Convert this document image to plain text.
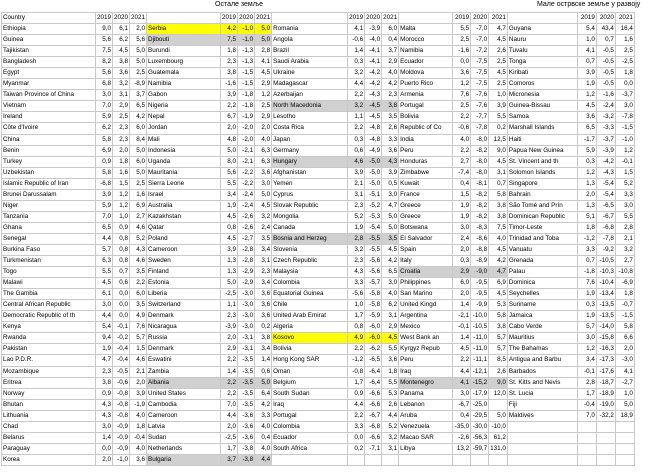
Остале земље	Мале острвске земље у развоју
Country	2019	2020	2021		2019	2020	2021		2019	2020	2021		2019	2020	2021		2019	2020	2021
Ethiopia	9,0	6,1	2,0	Serbia	4,2	-1,0	5,0	Romania	4,1	-3,9	6,0	Malta	5,5	-7,0	4,7	Guyana	5,4	43,4	16,4
Guinea	5,6	6,2	5,6	Djibouti	7,5	-1,0	5,0	Angola	-0,6	-4,0	0,4	Morocco	2,5	-7,0	4,5	Nauru	1,0	0,7	1,6
Tajikistan	7,5	4,5	5,0	Burundi	1,8	-1,3	2,8	Brazil	1,4	-4,1	3,7	Namibia	-1,6	-7,2	2,6	Tuvalu	4,1	-0,5	2,5
Bangladesh	8,2	3,8	5,0	Luxembourg	2,3	-1,3	4,1	Saudi Arabia	0,3	-4,1	2,9	Ecuador	0,0	-7,5	2,5	Tonga	0,7	-0,5	-2,5
Egypt	5,6	3,6	2,5	Guatemala	3,8	-1,5	4,5	Ukraine	3,2	-4,2	4,0	Moldova	3,6	-7,5	4,5	Kiribati	3,9	-0,5	1,8
Myanmar	6,8	3,2	-8,9	Namibia	-1,6	-1,5	2,9	Madagascar	4,4	-4,2	4,2	Puerto Rico	1,2	-7,5	2,5	Comoros	1,9	-0,5	0,0
Taiwan Province of China	3,0	3,1	3,7	Gabon	3,9	-1,8	1,2	Azerbaijan	2,2	-4,3	2,3	Armenia	7,6	-7,6	1,0	Micronesia	1,2	-1,6	-3,7
Vietnam	7,0	2,9	6,5	Nigeria	2,2	-1,8	2,5	North Macedonia	3,2	-4,5	3,8	Portugal	2,5	-7,6	3,9	Guinea-Bissau	4,5	-2,4	3,0
Ireland	5,9	2,5	4,2	Nepal	6,7	-1,9	2,9	Lesotho	1,1	-4,5	3,5	Bolivia	2,2	-7,7	5,5	Samoa	3,6	-3,2	-7,8
Côte d'Ivoire	6,2	2,3	6,0	Jordan	2,0	-2,0	2,0	Costa Rica	2,2	-4,8	2,6	Republic of Co	-0,6	-7,8	0,2	Marshall Islands	6,5	-3,3	-1,5
China	5,8	2,3	8,4	Mali	4,8	-2,0	4,0	Japan	0,3	-4,8	3,3	India	4,0	-8,0	12,5	Haiti	-1,7	-3,7	-1,0
Benin	6,9	2,0	5,0	Indonesia	5,0	-2,1	6,3	Germany	0,6	-4,9	3,6	Peru	2,2	-8,2	9,0	Papua New Guinea	5,9	-3,9	1,2
Turkey	0,9	1,8	6,0	Uganda	8,0	-2,1	6,3	Hungary	4,6	-5,0	4,3	Honduras	2,7	-8,0	4,5	St. Vincent and th	0,3	-4,2	-0,1
Uzbekistan	5,8	1,6	5,0	Mauritania	5,6	-2,2	3,6	Afghanistan	3,9	-5,0	3,9	Zimbabwe	-7,4	-8,0	3,1	Solomon Islands	1,2	-4,3	1,5
Islamic Republic of Iran	-6,8	1,5	2,5	Sierra Leone	5,5	-2,2	3,0	Yemen	2,1	-5,0	0,5	Kuwait	0,4	-8,1	0,7	Singapore	1,3	-5,4	5,2
Brunei Darussalam	3,9	1,2	1,6	Israel	3,4	-2,4	5,0	Cyprus	3,1	-5,1	3,0	France	1,5	-8,2	5,8	Bahrain	2,0	-5,4	3,3
Niger	5,9	1,2	6,9	Australia	1,9	-2,4	4,5	Slovak Republic	2,3	-5,2	4,7	Greece	1,9	-8,2	3,8	São Tomé and Prín	1,3	-6,5	3,0
Tanzania	7,0	1,0	2,7	Kazakhstan	4,5	-2,6	3,2	Mongolia	5,2	-5,3	5,0	Greece	1,9	-8,2	3,8	Dominican Republic	5,1	-6,7	5,5
Ghana	6,5	0,9	4,6	Qatar	0,8	-2,6	2,4	Canada	1,9	-5,4	5,0	Botswana	3,0	-8,3	7,5	Timor-Leste	1,8	-6,8	2,8
Senegal	4,4	0,8	5,2	Poland	4,5	-2,7	3,5	Bosnia and Herzeg	2,8	-5,5	3,5	El Salvador	2,4	-8,6	4,0	Trinidad and Toba	-1,2	-7,8	2,1
Burkina Faso	5,7	0,8	4,3	Cameroon	3,9	-2,8	3,4	Slovenia	3,2	-5,5	4,5	Spain	2,0	-8,8	4,5	Vanuatu	3,3	-9,2	3,2
Turkmenistan	6,3	0,8	4,6	Sweden	1,3	-2,8	3,1	Czech Republic	2,3	-5,6	4,2	Italy	0,3	-8,9	4,2	Grenada	0,7	-10,5	2,7
Togo	5,5	0,7	3,5	Finland	1,3	-2,9	2,3	Malaysia	4,3	-5,6	6,5	Croatia	2,9	-9,0	4,7	Palau	-1,8	-10,3	-10,8
Malawi	4,5	0,6	2,2	Estonia	5,0	-2,9	3,4	Colombia	3,3	-5,7	3,0	Philippines	6,0	-9,5	6,9	Dominica	7,6	-10,4	-6,9
The Gambia	6,1	0,0	6,0	Liberia	-2,5	-3,0	3,6	Equatorial Guinea	-5,6	-5,8	4,0	San Marino	2,0	-9,5	4,5	Seychelles	1,9	-13,4	1,8
Central African Republic	3,0	0,0	3,5	Switzerland	1,1	-3,0	3,6	Chile	1,0	-5,8	6,2	United Kingd	1,4	-9,9	5,3	Suriname	0,3	-13,5	-0,7
Democratic Republic of th	4,4	0,0	4,9	Denmark	2,3	-3,0	3,6	United Arab Emirat	1,7	-5,9	3,1	Argentina	-2,1	-10,0	5,8	Jamaica	1,9	-13,5	-1,5
Kenya	5,4	-0,1	7,6	Nicaragua	-3,9	-3,0	0,2	Algeria	0,8	-6,0	2,9	Mexico	-0,1	-10,5	3,8	Cabo Verde	5,7	-14,0	5,8
Rwanda	9,4	-0,2	5,7	Russia	2,0	-3,1	3,8	Kosovo	4,9	-6,0	4,5	West Bank an	1,4	-11,0	5,7	Mauritius	3,0	-15,8	6,6
Pakistan	1,9	-0,4	1,5	Denmark	2,9	-3,1	3,4	Bolivia	2,2	-6,2	5,5	Kyrgyz Repub	4,5	-11,0	5,7	The Bahamas	1,2	-16,3	2,0
Lao P.D.R.	4,7	-0,4	4,6	Eswatini	2,2	-3,5	1,4	Hong Kong SAR	-1,2	-6,5	3,6	Peru	2,2	-11,1	8,5	Antigua and Barbu	3,4	-17,3	-3,0
Mozambique	2,3	-0,5	2,1	Zambia	1,4	-3,5	0,6	Oman	-0,8	-6,4	1,8	Iraq	4,4	-12,1	2,6	Barbados	-0,1	-17,6	4,1
Eritrea	3,8	-0,6	2,0	Albania	2,2	-3,5	5,0	Belgium	1,7	-6,4	5,5	Montenegro	4,1	-15,2	9,0	St. Kitts and Nevis	2,8	-18,7	-2,7
Norway	0,9	-0,8	3,9	United States	2,2	-3,5	6,4	South Sudan	0,9	-6,6	5,3	Panama	3,0	-17,9	12,0	St. Lucia	1,7	-18,9	1,0
Bhutan	4,3	-0,8	-1,9	Cambodia	7,0	-3,5	4,2	Iraq	4,4	-6,6	2,6	Lebanon	-6,7	-25,0		Fiji	-0,4	-19,0	5,0
Lithuania	4,3	-0,8	4,0	Cameroon	4,4	-3,6	3,3	Portugal	2,2	-6,7	4,4	Aruba	0,4	-29,5	5,0	Maldives	7,0	-32,2	18,9
Chad	3,0	-0,9	1,8	Latvia	2,0	-3,6	4,0	Colombia	3,3	-6,8	5,2	Venezuela	-35,0	-30,0	-10,0				
Belarus	1,4	-0,9	-0,4	Sudan	-2,5	-3,6	0,4	Ecuador	0,0	-6,6	3,2	Macao SAR	-2,6	-56,3	61,2				
Paraguay	0,0	-0,9	4,0	Netherlands	1,7	-3,8	4,0	South Africa	0,2	-7,1	3,1	Libya	13,2	-59,7	131,0				
Korea	2,0	-1,0	3,6	Bulgaria	3,7	-3,8	4,4												
